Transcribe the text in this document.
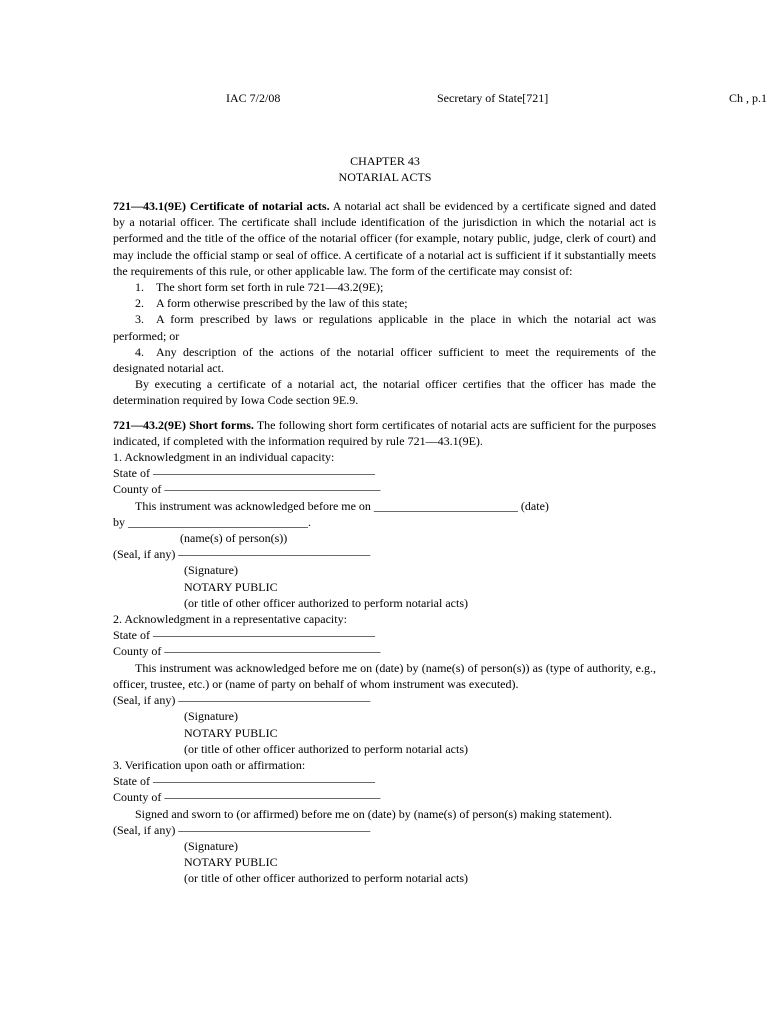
IAC 7/2/08	Secretary of State[721]	Ch , p.1
CHAPTER 43
NOTARIAL ACTS

721—43.1(9E) Certificate of notarial acts. A notarial act shall be evidenced by a certificate signed and dated by a notarial officer. The certificate shall include identification of the jurisdiction in which the notarial act is performed and the title of the office of the notarial officer (for example, notary public, judge, clerk of court) and may include the official stamp or seal of office. A certificate of a notarial act is sufficient if it substantially meets the requirements of this rule, or other applicable law. The form of the certificate may consist of:

1. The short form set forth in rule 721—43.2(9E);

2. A form otherwise prescribed by the law of this state;

3. A form prescribed by laws or regulations applicable in the place in which the notarial act was performed; or

4. Any description of the actions of the notarial officer sufficient to meet the requirements of the designated notarial act.

By executing a certificate of a notarial act, the notarial officer certifies that the officer has made the determination required by Iowa Code section 9E.9.

721—43.2(9E) Short forms. The following short form certificates of notarial acts are sufficient for the purposes indicated, if completed with the information required by rule 721—43.1(9E).

1. Acknowledgment in an individual capacity:

State of –––––––––––––––––––––––––––––––––––––

County of ––––––––––––––––––––––––––––––––––––

This instrument was acknowledged before me on ________________________ (date)

by ______________________________.

(name(s) of person(s))

(Seal, if any) ––––––––––––––––––––––––––––––––

(Signature)

NOTARY PUBLIC

(or title of other officer authorized to perform notarial acts)

2. Acknowledgment in a representative capacity:

State of –––––––––––––––––––––––––––––––––––––

County of ––––––––––––––––––––––––––––––––––––

This instrument was acknowledged before me on (date) by (name(s) of person(s)) as (type of authority, e.g., officer, trustee, etc.) or (name of party on behalf of whom instrument was executed).

(Seal, if any) ––––––––––––––––––––––––––––––––

(Signature)

NOTARY PUBLIC

(or title of other officer authorized to perform notarial acts)

3. Verification upon oath or affirmation:

State of –––––––––––––––––––––––––––––––––––––

County of ––––––––––––––––––––––––––––––––––––

Signed and sworn to (or affirmed) before me on (date) by (name(s) of person(s) making statement).

(Seal, if any) ––––––––––––––––––––––––––––––––

(Signature)

NOTARY PUBLIC

(or title of other officer authorized to perform notarial acts)
